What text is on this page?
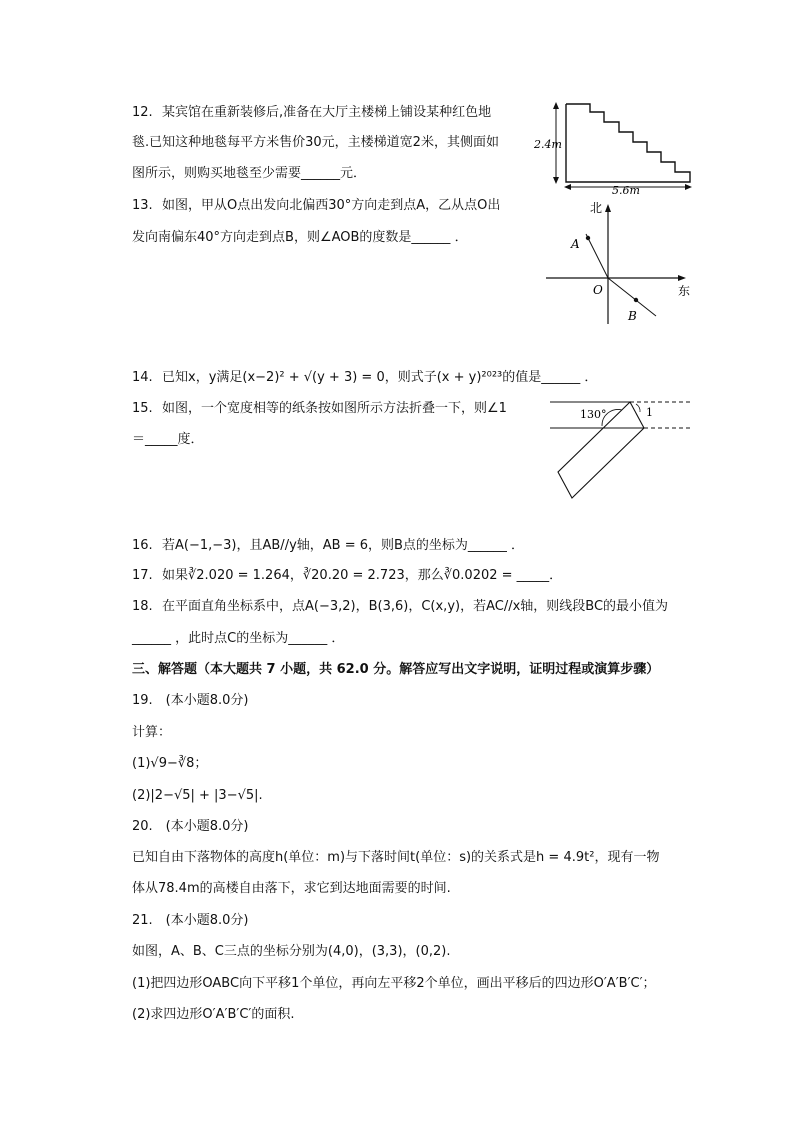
12. 某宾馆在重新装修后,准备在大厅主楼梯上铺设某种红色地
毯.已知这种地毯每平方米售价30元，主楼梯道宽2米，其侧面如
图所示，则购买地毯至少需要______元．
2.4m
5.6m
13. 如图，甲从O点出发向北偏西30°方向走到点A，乙从点O出
发向南偏东40°方向走到点B，则∠AOB的度数是______ ．
北
东
O
A
B
14. 已知x，y满足(x−2)² + √(y + 3) = 0，则式子(x + y)²⁰²³的值是______ ．
15. 如图，一个宽度相等的纸条按如图所示方法折叠一下，则∠1
＝_____度．
130°	1
16. 若A(−1,−3)，且AB//y轴，AB = 6，则B点的坐标为______ ．
17. 如果∛2.020 = 1.264，∛20.20 = 2.723，那么∛0.0202 = _____．
18. 在平面直角坐标系中，点A(−3,2)，B(3,6)，C(x,y)，若AC//x轴，则线段BC的最小值为
______ ，此时点C的坐标为______ ．
三、解答题（本大题共 7 小题，共 62.0 分。解答应写出文字说明，证明过程或演算步骤）
19.　(本小题8.0分)
计算：
(1)√9−∛8；
(2)|2−√5| + |3−√5|.
20.　(本小题8.0分)
已知自由下落物体的高度h(单位：m)与下落时间t(单位：s)的关系式是h = 4.9t²，现有一物
体从78.4m的高楼自由落下，求它到达地面需要的时间.
21.　(本小题8.0分)
如图，A、B、C三点的坐标分别为(4,0)，(3,3)，(0,2).
(1)把四边形OABC向下平移1个单位，再向左平移2个单位，画出平移后的四边形O′A′B′C′；
(2)求四边形O′A′B′C′的面积.
